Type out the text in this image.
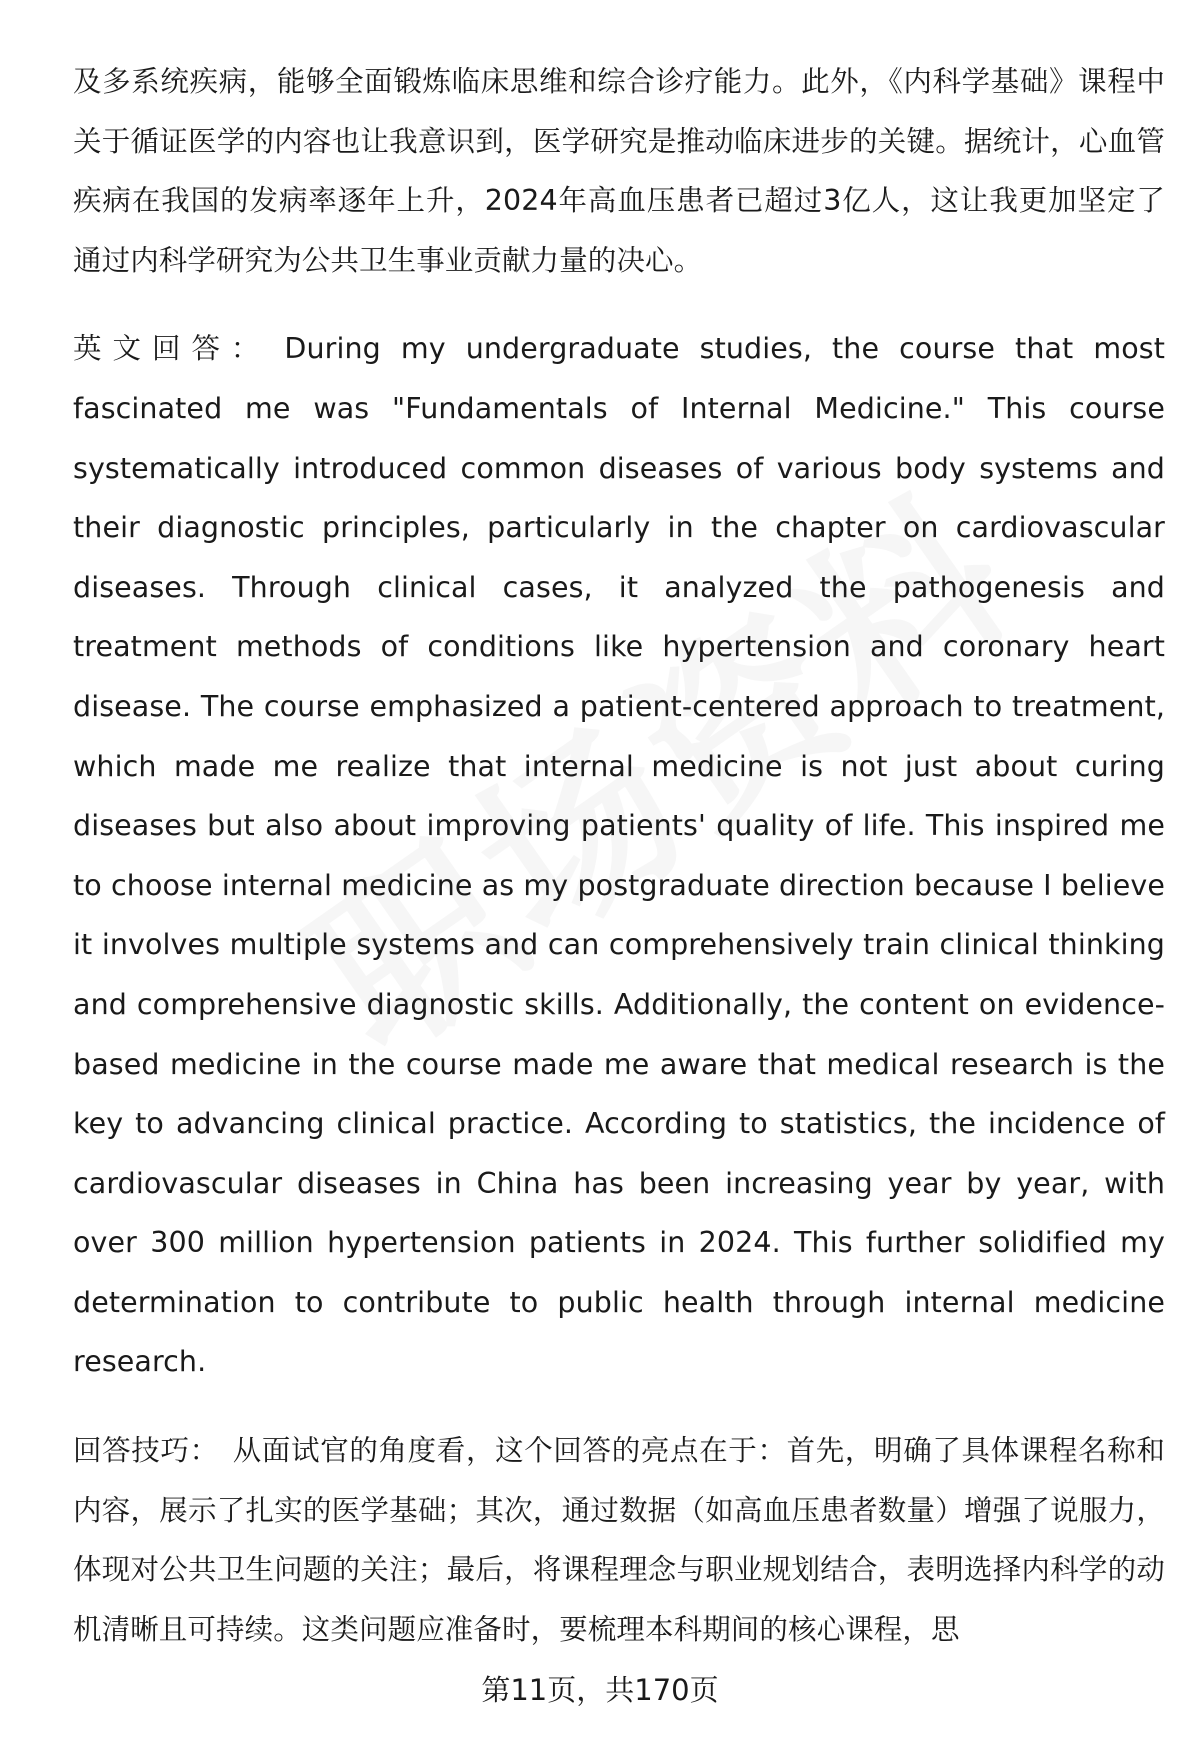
及多系统疾病，能够全面锻炼临床思维和综合诊疗能力。此外，《内科学基础》课程中关于循证医学的内容也让我意识到，医学研究是推动临床进步的关键。据统计，心血管疾病在我国的发病率逐年上升，2024年高血压患者已超过3亿人，这让我更加坚定了通过内科学研究为公共卫生事业贡献力量的决心。

英文回答： During my undergraduate studies, the course that most fascinated me was "Fundamentals of Internal Medicine." This course systematically introduced common diseases of various body systems and their diagnostic principles, particularly in the chapter on cardiovascular diseases. Through clinical cases, it analyzed the pathogenesis and treatment methods of conditions like hypertension and coronary heart disease. The course emphasized a patient-centered approach to treatment, which made me realize that internal medicine is not just about curing diseases but also about improving patients' quality of life. This inspired me to choose internal medicine as my postgraduate direction because I believe it involves multiple systems and can comprehensively train clinical thinking and comprehensive diagnostic skills. Additionally, the content on evidence-based medicine in the course made me aware that medical research is the key to advancing clinical practice. According to statistics, the incidence of cardiovascular diseases in China has been increasing year by year, with over 300 million hypertension patients in 2024. This further solidified my determination to contribute to public health through internal medicine research.

回答技巧： 从面试官的角度看，这个回答的亮点在于：首先，明确了具体课程名称和内容，展示了扎实的医学基础；其次，通过数据（如高血压患者数量）增强了说服力，体现对公共卫生问题的关注；最后，将课程理念与职业规划结合，表明选择内科学的动机清晰且可持续。这类问题应准备时，要梳理本科期间的核心课程，思

第11页，共170页
